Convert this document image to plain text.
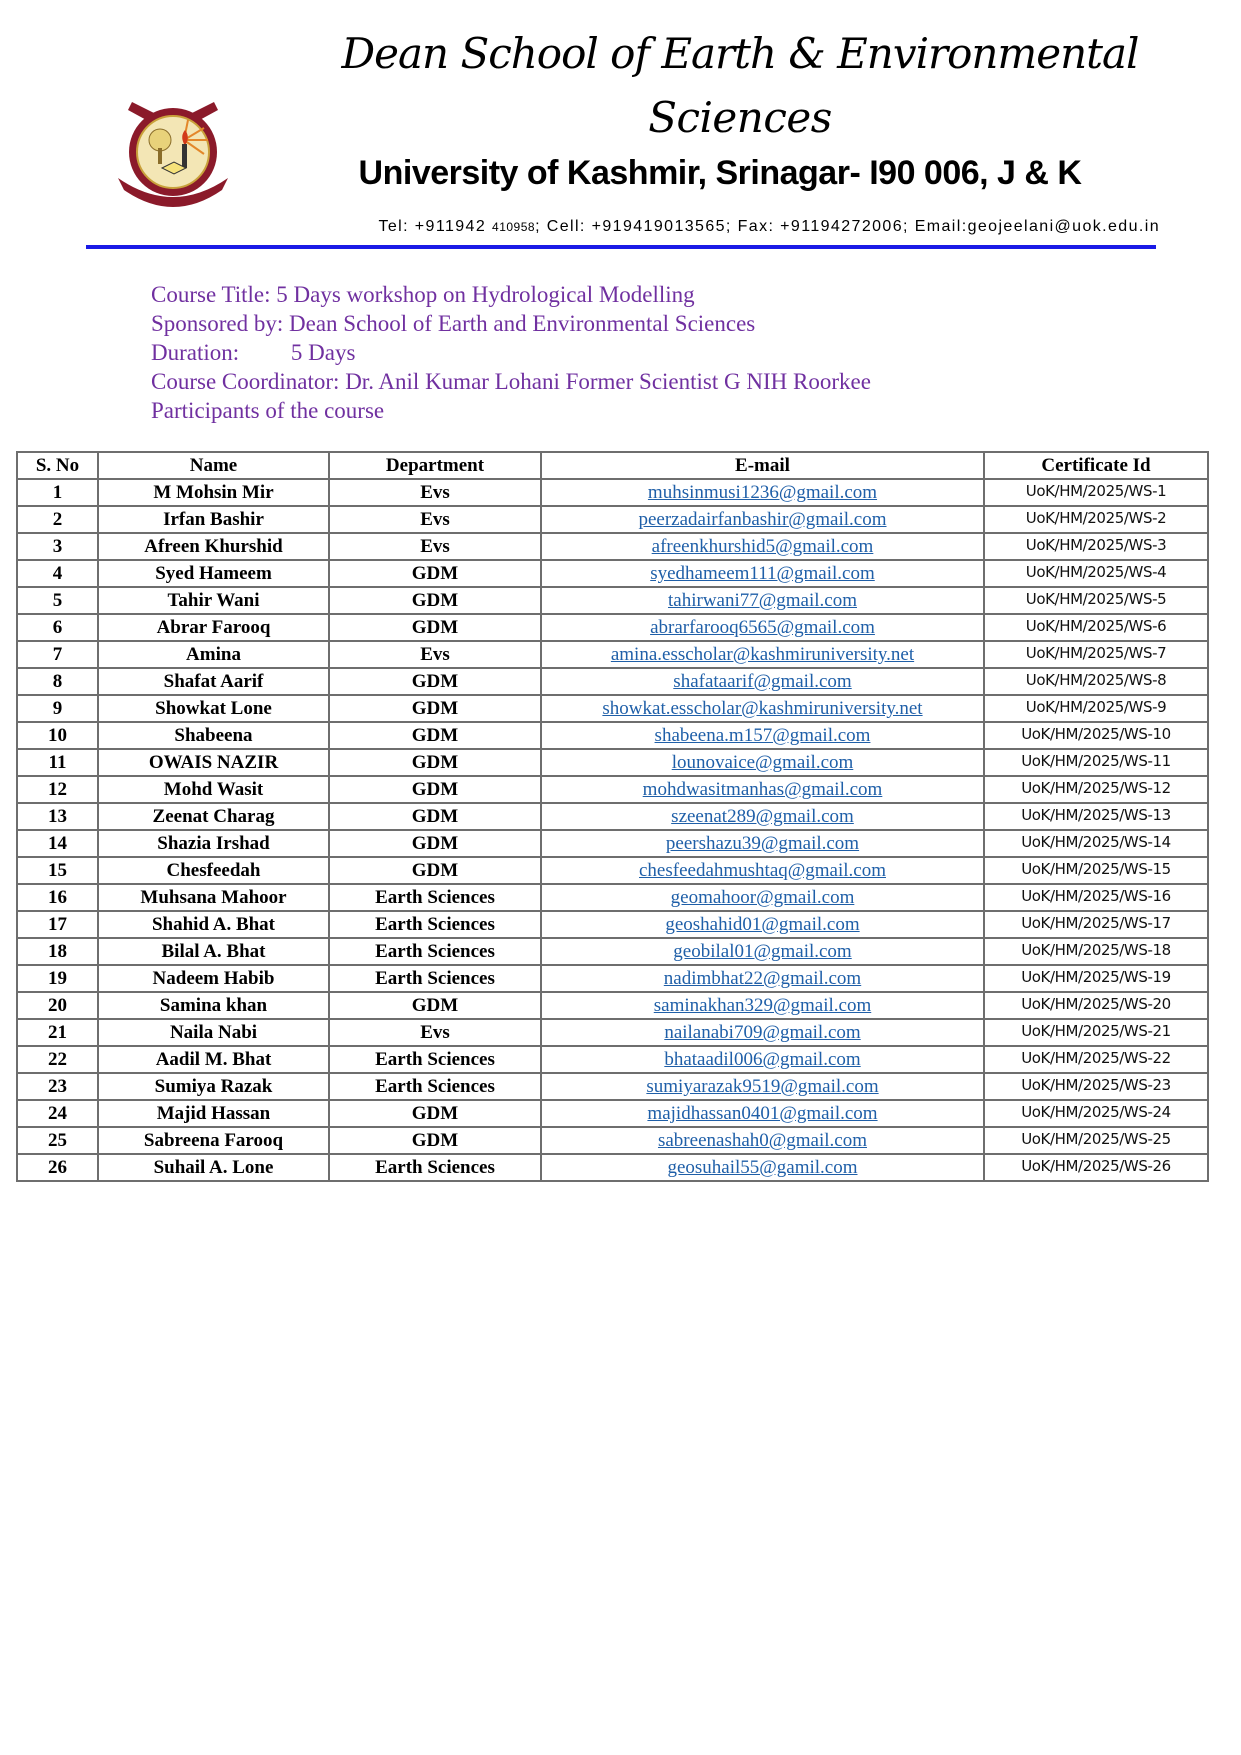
Dean School of Earth & Environmental
Sciences
University of Kashmir, Srinagar- I90 006, J & K
Tel: +911942 410958; Cell: +919419013565; Fax: +91194272006; Email:geojeelani@uok.edu.in
Course Title: 5 Days workshop on Hydrological Modelling
Sponsored by: Dean School of Earth and Environmental Sciences
Duration:         5 Days
Course Coordinator: Dr. Anil Kumar Lohani Former Scientist G NIH Roorkee
Participants of the course
S. No	Name	Department	E-mail	Certificate Id
1	M Mohsin Mir	Evs	muhsinmusi1236@gmail.com	UoK/HM/2025/WS-1
2	Irfan Bashir	Evs	peerzadairfanbashir@gmail.com	UoK/HM/2025/WS-2
3	Afreen Khurshid	Evs	afreenkhurshid5@gmail.com	UoK/HM/2025/WS-3
4	Syed Hameem	GDM	syedhameem111@gmail.com	UoK/HM/2025/WS-4
5	Tahir Wani	GDM	tahirwani77@gmail.com	UoK/HM/2025/WS-5
6	Abrar Farooq	GDM	abrarfarooq6565@gmail.com	UoK/HM/2025/WS-6
7	Amina	Evs	amina.esscholar@kashmiruniversity.net	UoK/HM/2025/WS-7
8	Shafat Aarif	GDM	shafataarif@gmail.com	UoK/HM/2025/WS-8
9	Showkat Lone	GDM	showkat.esscholar@kashmiruniversity.net	UoK/HM/2025/WS-9
10	Shabeena	GDM	shabeena.m157@gmail.com	UoK/HM/2025/WS-10
11	OWAIS NAZIR	GDM	lounovaice@gmail.com	UoK/HM/2025/WS-11
12	Mohd Wasit	GDM	mohdwasitmanhas@gmail.com	UoK/HM/2025/WS-12
13	Zeenat Charag	GDM	szeenat289@gmail.com	UoK/HM/2025/WS-13
14	Shazia Irshad	GDM	peershazu39@gmail.com	UoK/HM/2025/WS-14
15	Chesfeedah	GDM	chesfeedahmushtaq@gmail.com	UoK/HM/2025/WS-15
16	Muhsana Mahoor	Earth Sciences	geomahoor@gmail.com	UoK/HM/2025/WS-16
17	Shahid A. Bhat	Earth Sciences	geoshahid01@gmail.com	UoK/HM/2025/WS-17
18	Bilal A. Bhat	Earth Sciences	geobilal01@gmail.com	UoK/HM/2025/WS-18
19	Nadeem Habib	Earth Sciences	nadimbhat22@gmail.com	UoK/HM/2025/WS-19
20	Samina khan	GDM	saminakhan329@gmail.com	UoK/HM/2025/WS-20
21	Naila Nabi	Evs	nailanabi709@gmail.com	UoK/HM/2025/WS-21
22	Aadil M. Bhat	Earth Sciences	bhataadil006@gmail.com	UoK/HM/2025/WS-22
23	Sumiya Razak	Earth Sciences	sumiyarazak9519@gmail.com	UoK/HM/2025/WS-23
24	Majid Hassan	GDM	majidhassan0401@gmail.com	UoK/HM/2025/WS-24
25	Sabreena Farooq	GDM	sabreenashah0@gmail.com	UoK/HM/2025/WS-25
26	Suhail A. Lone	Earth Sciences	geosuhail55@gamil.com	UoK/HM/2025/WS-26
